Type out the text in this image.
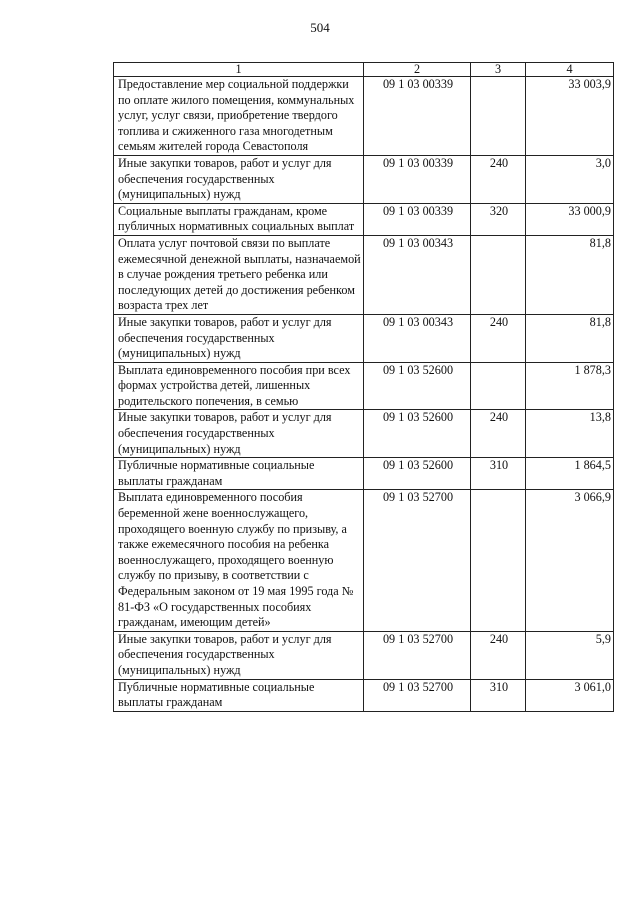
504
1	2	3	4
Предоставление мер социальной поддержки по оплате жилого помещения, коммунальных услуг, услуг связи, приобретение твердого топлива и сжиженного газа многодетным семьям жителей города Севастополя	09 1 03 00339		33 003,9
Иные закупки товаров, работ и услуг для обеспечения государственных (муниципальных) нужд	09 1 03 00339	240	3,0
Социальные выплаты гражданам, кроме публичных нормативных социальных выплат	09 1 03 00339	320	33 000,9
Оплата услуг почтовой связи по выплате ежемесячной денежной выплаты, назначаемой в случае рождения третьего ребенка или последующих детей до достижения ребенком возраста трех лет	09 1 03 00343		81,8
Иные закупки товаров, работ и услуг для обеспечения государственных (муниципальных) нужд	09 1 03 00343	240	81,8
Выплата единовременного пособия при всех формах устройства детей, лишенных родительского попечения, в семью	09 1 03 52600		1 878,3
Иные закупки товаров, работ и услуг для обеспечения государственных (муниципальных) нужд	09 1 03 52600	240	13,8
Публичные нормативные социальные выплаты гражданам	09 1 03 52600	310	1 864,5
Выплата единовременного пособия беременной жене военнослужащего, проходящего военную службу по призыву, а также ежемесячного пособия на ребенка военнослужащего, проходящего военную службу по призыву, в соответствии с Федеральным законом от 19 мая 1995 года № 81-ФЗ «О государственных пособиях гражданам, имеющим детей»	09 1 03 52700		3 066,9
Иные закупки товаров, работ и услуг для обеспечения государственных (муниципальных) нужд	09 1 03 52700	240	5,9
Публичные нормативные социальные выплаты гражданам	09 1 03 52700	310	3 061,0
